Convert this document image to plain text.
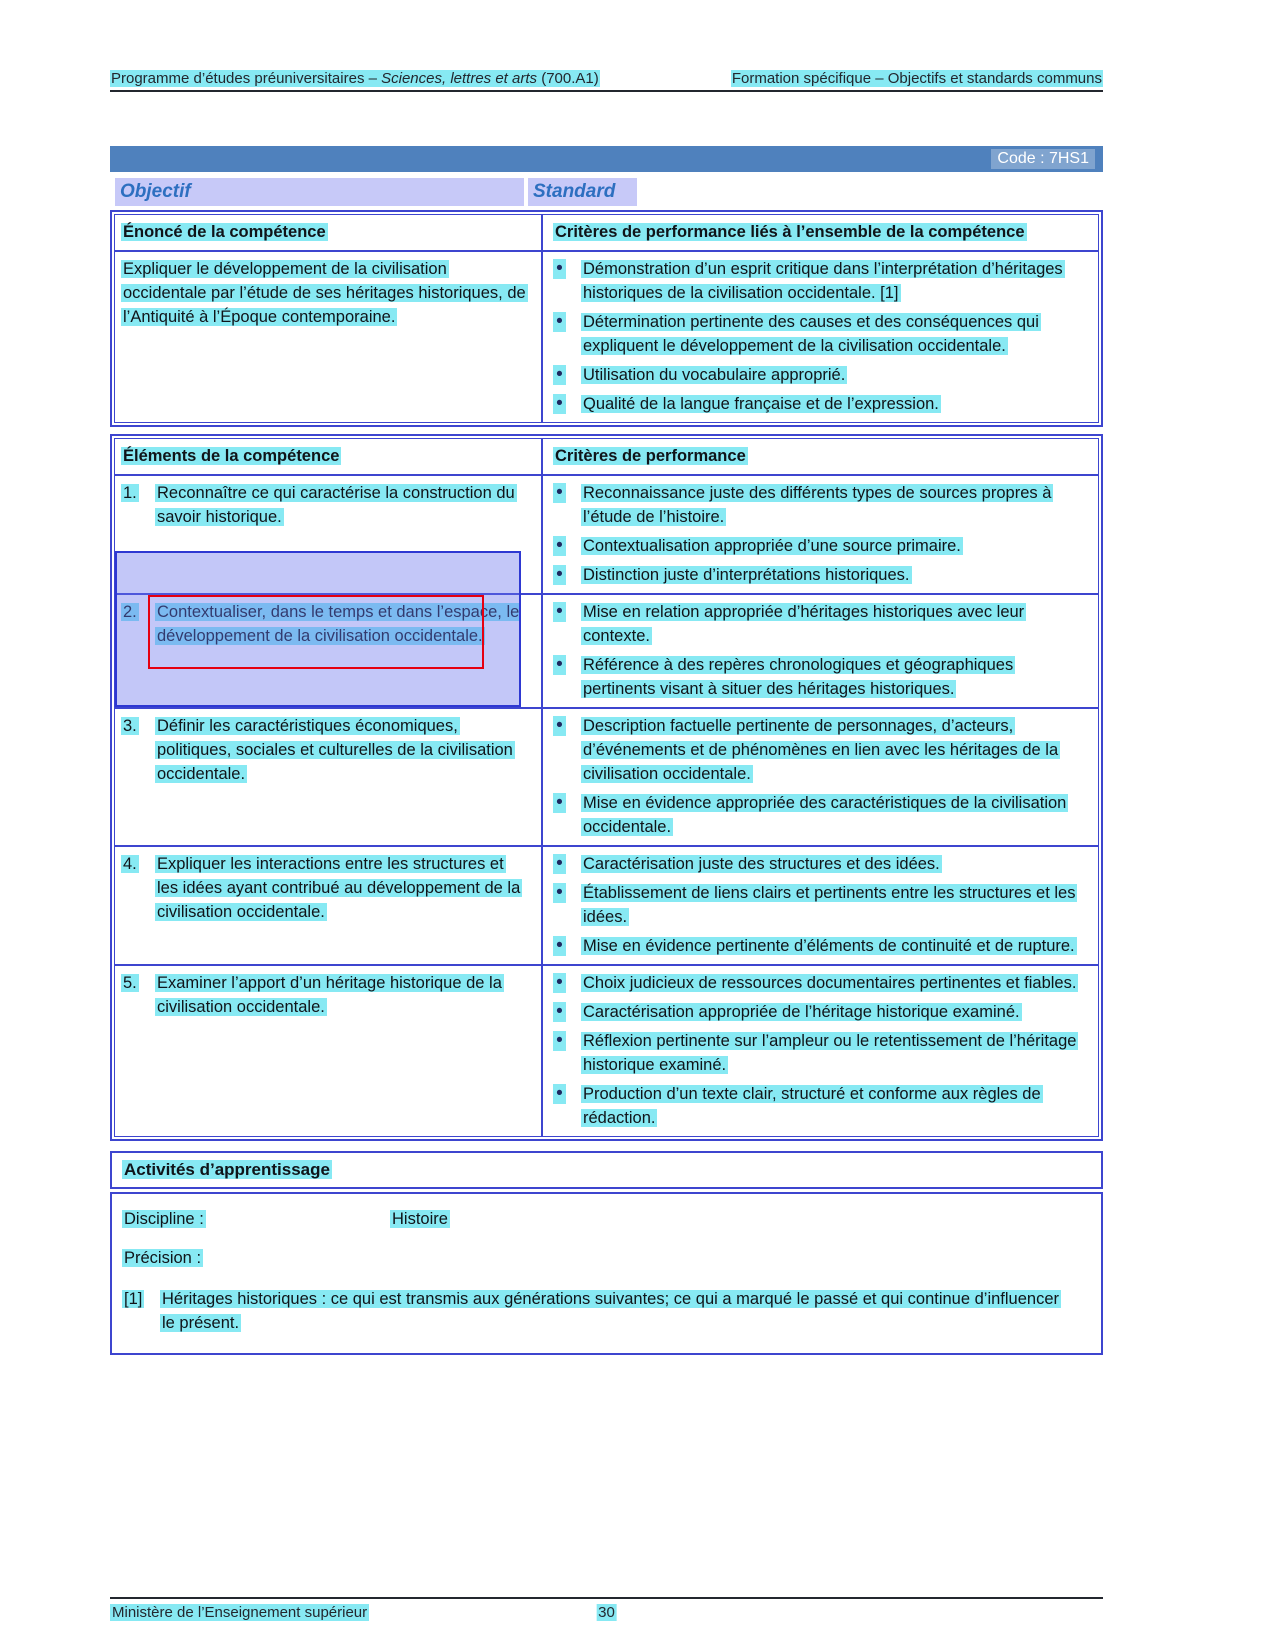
Programme d’études préuniversitaires – Sciences, lettres et arts (700.A1)	Formation spécifique – Objectifs et standards communs
Code : 7HS1
Objectif	Standard
Énoncé de la compétence	Critères de performance liés à l’ensemble de la compétence
Expliquer le développement de la civilisation occidentale par l’étude de ses héritages historiques, de l’Antiquité à l’Époque contemporaine.
• Démonstration d’un esprit critique dans l’interprétation d’héritages historiques de la civilisation occidentale. [1]
• Détermination pertinente des causes et des conséquences qui expliquent le développement de la civilisation occidentale.
• Utilisation du vocabulaire approprié.
• Qualité de la langue française et de l’expression.
Éléments de la compétence	Critères de performance
1.	Reconnaître ce qui caractérise la construction du savoir historique.
• Reconnaissance juste des différents types de sources propres à l’étude de l’histoire.
• Contextualisation appropriée d’une source primaire.
• Distinction juste d’interprétations historiques.
2.	Contextualiser, dans le temps et dans l’espace, le développement de la civilisation occidentale.
• Mise en relation appropriée d’héritages historiques avec leur contexte.
• Référence à des repères chronologiques et géographiques pertinents visant à situer des héritages historiques.
3.	Définir les caractéristiques économiques, politiques, sociales et culturelles de la civilisation occidentale.
• Description factuelle pertinente de personnages, d’acteurs, d’événements et de phénomènes en lien avec les héritages de la civilisation occidentale.
• Mise en évidence appropriée des caractéristiques de la civilisation occidentale.
4.	Expliquer les interactions entre les structures et les idées ayant contribué au développement de la civilisation occidentale.
• Caractérisation juste des structures et des idées.
• Établissement de liens clairs et pertinents entre les structures et les idées.
• Mise en évidence pertinente d’éléments de continuité et de rupture.
5.	Examiner l’apport d’un héritage historique de la civilisation occidentale.
• Choix judicieux de ressources documentaires pertinentes et fiables.
• Caractérisation appropriée de l’héritage historique examiné.
• Réflexion pertinente sur l’ampleur ou le retentissement de l’héritage historique examiné.
• Production d’un texte clair, structuré et conforme aux règles de rédaction.
Activités d’apprentissage
Discipline :	Histoire
Précision :
[1]	Héritages historiques : ce qui est transmis aux générations suivantes; ce qui a marqué le passé et qui continue d’influencer le présent.
Ministère de l’Enseignement supérieur	30
